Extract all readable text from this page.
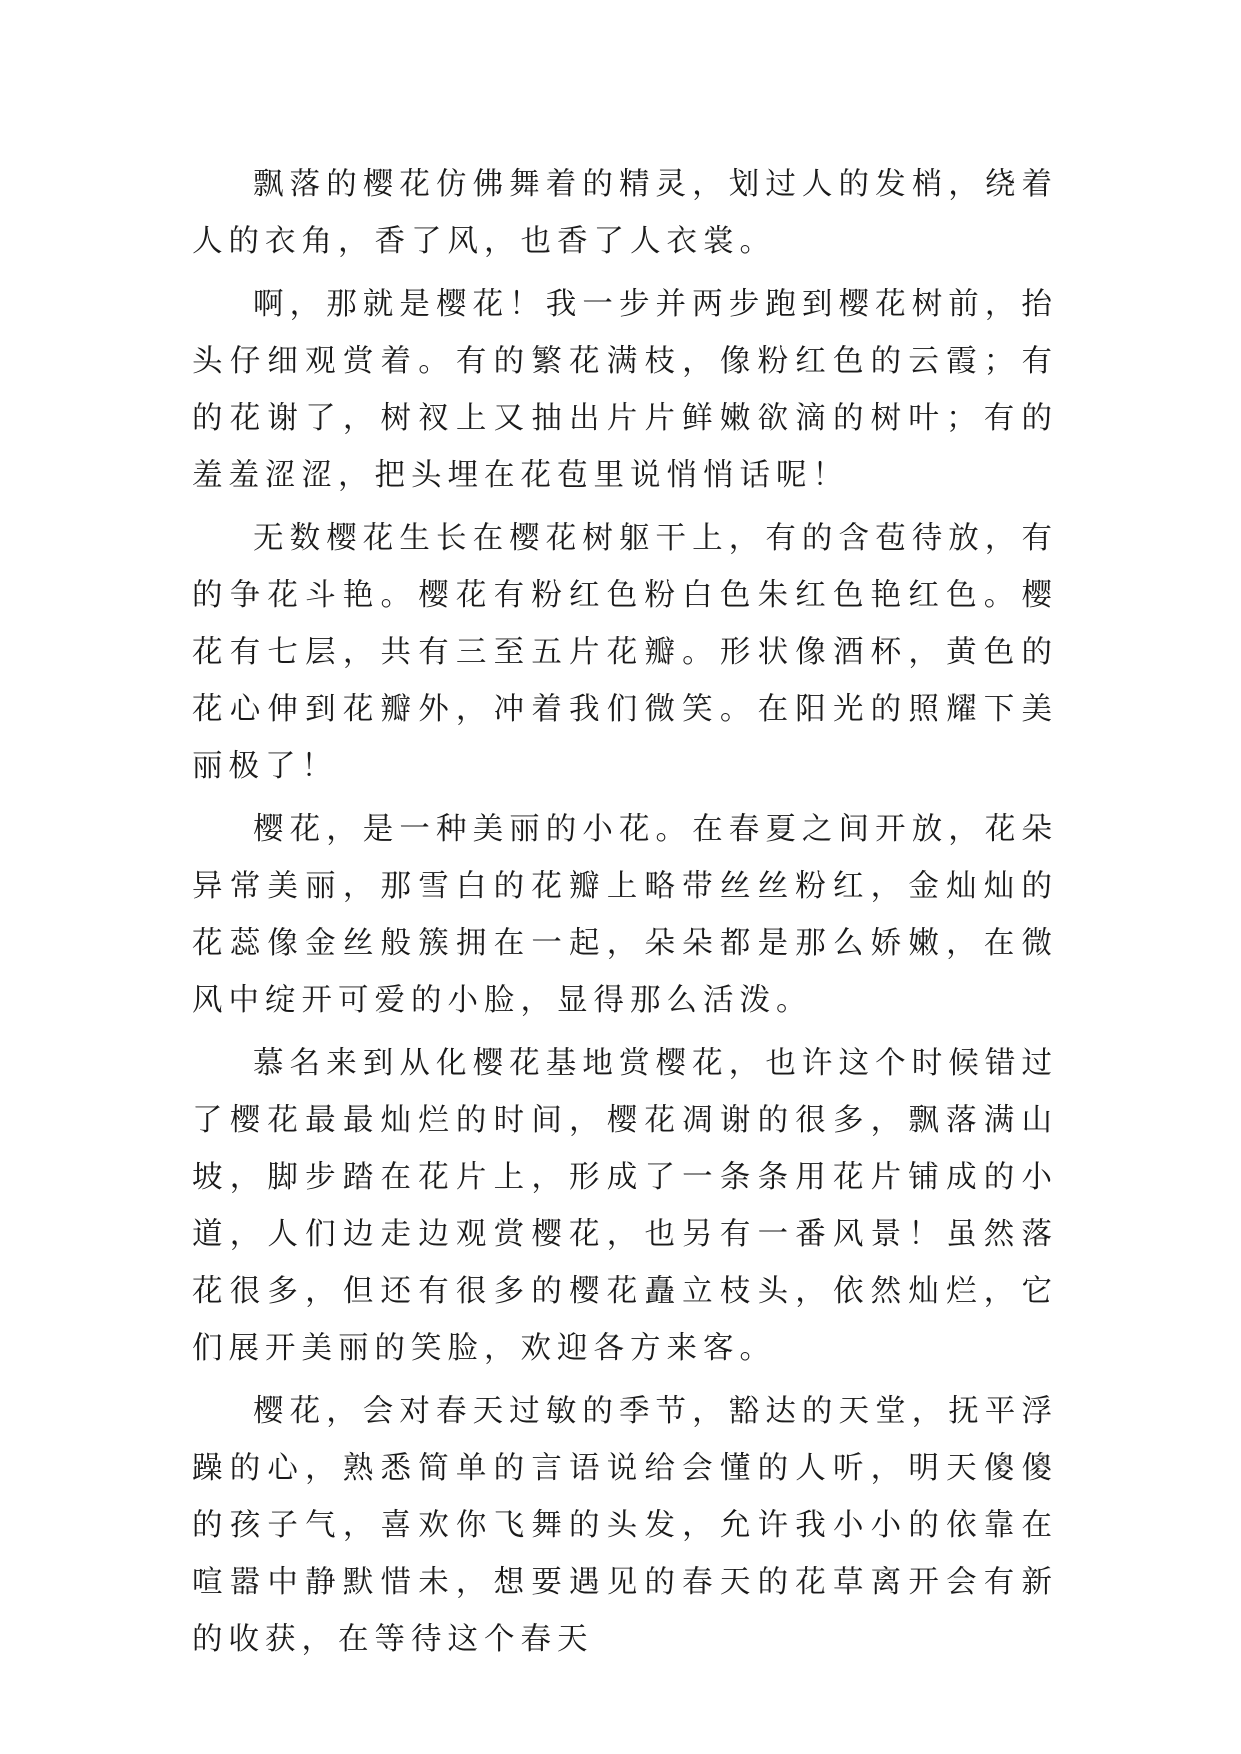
飘落的樱花仿佛舞着的精灵，划过人的发梢，绕着人的衣角，香了风，也香了人衣裳。

啊，那就是樱花！我一步并两步跑到樱花树前，抬头仔细观赏着。有的繁花满枝，像粉红色的云霞；有的花谢了，树衩上又抽出片片鲜嫩欲滴的树叶；有的羞羞涩涩，把头埋在花苞里说悄悄话呢！

无数樱花生长在樱花树躯干上，有的含苞待放，有的争花斗艳。樱花有粉红色粉白色朱红色艳红色。樱花有七层，共有三至五片花瓣。形状像酒杯，黄色的花心伸到花瓣外，冲着我们微笑。在阳光的照耀下美丽极了！

樱花，是一种美丽的小花。在春夏之间开放，花朵异常美丽，那雪白的花瓣上略带丝丝粉红，金灿灿的花蕊像金丝般簇拥在一起，朵朵都是那么娇嫩，在微风中绽开可爱的小脸，显得那么活泼。

慕名来到从化樱花基地赏樱花，也许这个时候错过了樱花最最灿烂的时间，樱花凋谢的很多，飘落满山坡，脚步踏在花片上，形成了一条条用花片铺成的小道，人们边走边观赏樱花，也另有一番风景！虽然落花很多，但还有很多的樱花矗立枝头，依然灿烂，它们展开美丽的笑脸，欢迎各方来客。

樱花，会对春天过敏的季节，豁达的天堂，抚平浮躁的心，熟悉简单的言语说给会懂的人听，明天傻傻的孩子气，喜欢你飞舞的头发，允许我小小的依靠在喧嚣中静默惜未，想要遇见的春天的花草离开会有新的收获，在等待这个春天
